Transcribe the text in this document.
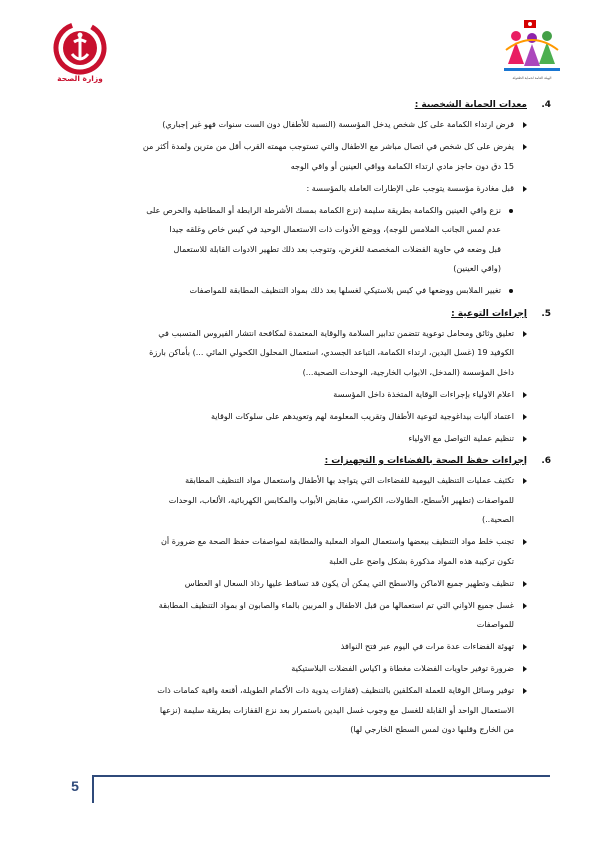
وزارة الصحة	الهيئة العامة لحماية الطفولة
.4
معدات الحماية الشخصية :
فرض ارتداء الكمامة على كل شخص يدخل المؤسسة (النسبة للأطفال دون الست سنوات فهو غير إجباري)
يفرض على كل شخص في اتصال مباشر مع الاطفال والتي تستوجب مهمته القرب أقل من مترين ولمدة أكثر من
15 دق دون حاجز مادي ارتداء الكمامة وواقي العينين أو واقي الوجه
قبل مغادرة مؤسسة يتوجب على الإطارات العاملة بالمؤسسة :
نزع واقي العينين والكمامة بطريقة سليمة (نزع الكمامة بمسك الأشرطة الرابطة أو المطاطية والحرص على
عدم لمس الجانب الملامس للوجه)، ووضع الأدوات ذات الاستعمال الوحيد في كيس خاص وغلقه جيدا
قبل وضعه في حاوية الفضلات المخصصة للغرض، وتتوجب بعد ذلك تطهير الادوات القابلة للاستعمال
(واقي العينين)
تغيير الملابس ووضعها في كيس بلاستيكي لغسلها بعد ذلك بمواد التنظيف المطابقة للمواصفات
.5
إجراءات التوعية :
تعليق وثائق ومحامل توعوية تتضمن تدابير السلامة والوقاية المعتمدة لمكافحة انتشار الفيروس المتسبب في
الكوفيد 19 (غسل اليدين، ارتداء الكمامة، التباعد الجسدي، استعمال المحلول الكحولي المائي ...) بأماكن بارزة
داخل المؤسسة (المدخل، الابواب الخارجية، الوحدات الصحية...)
اعلام الاولياء بإجراءات الوقاية المتخذة داخل المؤسسة
اعتماد آليات بيداغوجية لتوعية الأطفال وتقريب المعلومة لهم وتعويدهم على سلوكات الوقاية
تنظيم عملية التواصل مع الاولياء
.6
إجراءات حفظ الصحة بالفضاءات و التجهيزات :
تكثيف عمليات التنظيف اليومية للفضاءات التي يتواجد بها الأطفال واستعمال مواد التنظيف المطابقة
للمواصفات (تطهير الأسطح، الطاولات، الكراسي، مقابض الأبواب والمكابس الكهربائية، الألعاب، الوحدات
الصحية..)
تجنب خلط مواد التنظيف ببعضها واستعمال المواد المعلبة والمطابقة لمواصفات حفظ الصحة مع ضرورة أن
تكون تركيبة هذه المواد مذكورة بشكل واضح على العلبة
تنظيف وتطهير جميع الاماكن والاسطح التي يمكن أن يكون قد تساقط عليها رذاذ السعال او العطاس
غسل جميع الاواني التي تم استعمالها من قبل الاطفال و المربين بالماء والصابون او بمواد التنظيف المطابقة
للمواصفات
تهوئة الفضاءات عدة مرات في اليوم عبر فتح النوافذ
ضرورة توفير حاويات الفضلات مغطاة و اكياس الفضلات البلاستيكية
توفير وسائل الوقاية للعملة المكلفين بالتنظيف (قفازات يدوية ذات الأكمام الطويلة، أقنعة واقية كمامات ذات
الاستعمال الواحد أو القابلة للغسل مع وجوب غسل اليدين باستمرار بعد نزع القفازات بطريقة سليمة (نزعها
من الخارج وقلبها دون لمس السطح الخارجي لها)
5
